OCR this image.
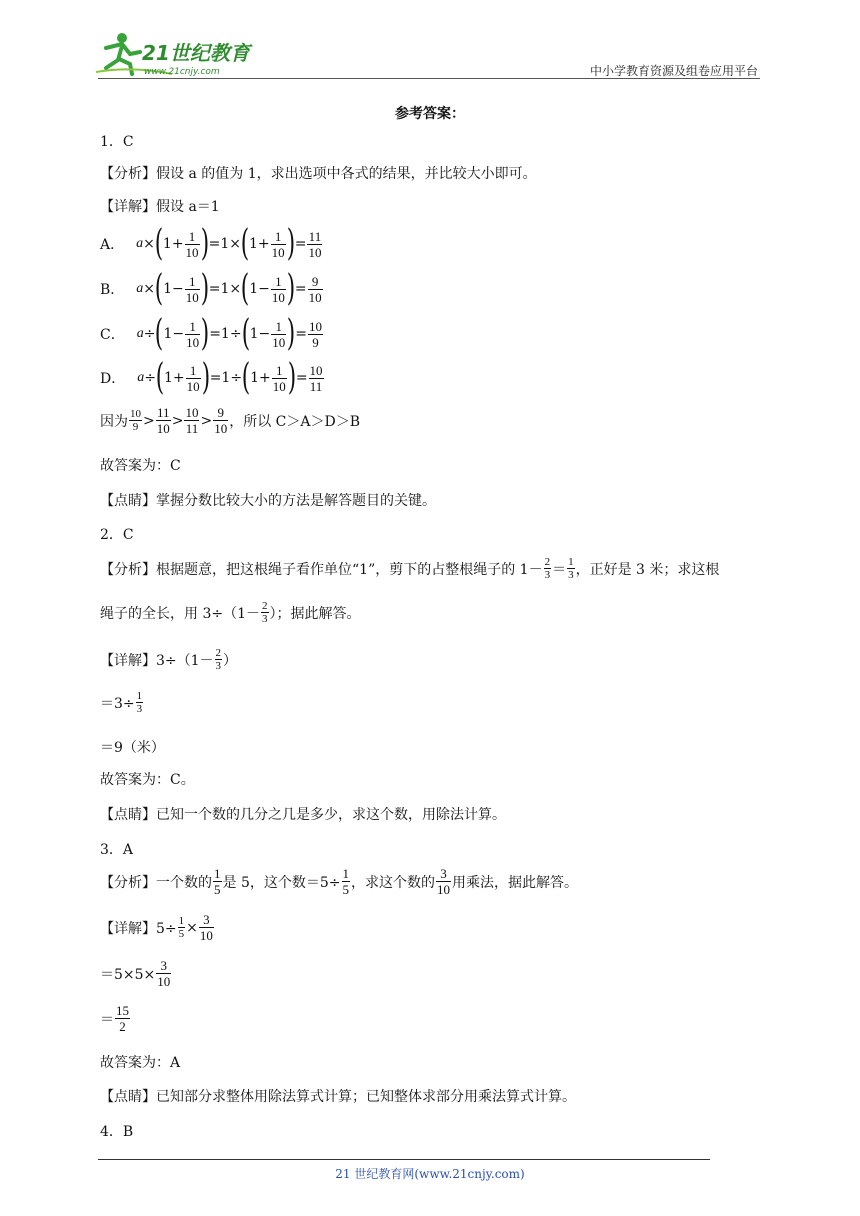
21世纪教育
www.21cnjy.com	中小学教育资源及组卷应用平台
参考答案：
1．C
【分析】假设 a 的值为 1，求出选项中各式的结果，并比较大小即可。
【详解】假设 a＝1
A． a × ( $1+ \frac{1}{10}$ ) =1× ( $1+ \frac{1}{10}$ ) = $\frac{11}{10}$
B． a × ( $1- \frac{1}{10}$ ) =1× ( $1- \frac{1}{10}$ ) = $\frac{9}{10}$
C． a ÷ ( $1- \frac{1}{10}$ ) =1÷ ( $1- \frac{1}{10}$ ) = $\frac{10}{9}$
D． a ÷ ( $1+ \frac{1}{10}$ ) =1÷ ( $1+ \frac{1}{10}$ ) = $\frac{10}{11}$
因为 $\frac{10}{9} > \frac{11}{10} > \frac{10}{11} > \frac{9}{10}$ ，所以 C＞A＞D＞B
故答案为：C
【点睛】掌握分数比较大小的方法是解答题目的关键。
2．C
【分析】根据题意，把这根绳子看作单位“1”，剪下的占整根绳子的 $1- \frac{2}{3} = \frac{1}{3}$ ，正好是 3 米；求这根
绳子的全长，用 $3\div(1- \frac{2}{3}$ ）；据此解答。
【详解】$3\div(1- \frac{2}{3}$ ）
$=3\div \frac{1}{3}$
＝9（米）
故答案为：C。
【点睛】已知一个数的几分之几是多少，求这个数，用除法计算。
3．A
【分析】一个数的 $\frac{1}{5}$ 是 5，这个数$=5\div \frac{1}{5}$ ，求这个数的 $\frac{3}{10}$ 用乘法，据此解答。
【详解】$5\div \frac{1}{5} \times \frac{3}{10}$
$=5\times 5\times \frac{3}{10}$
＝ $\frac{15}{2}$
故答案为：A
【点睛】已知部分求整体用除法算式计算；已知整体求部分用乘法算式计算。
4．B
21 世纪教育网(www.21cnjy.com)
